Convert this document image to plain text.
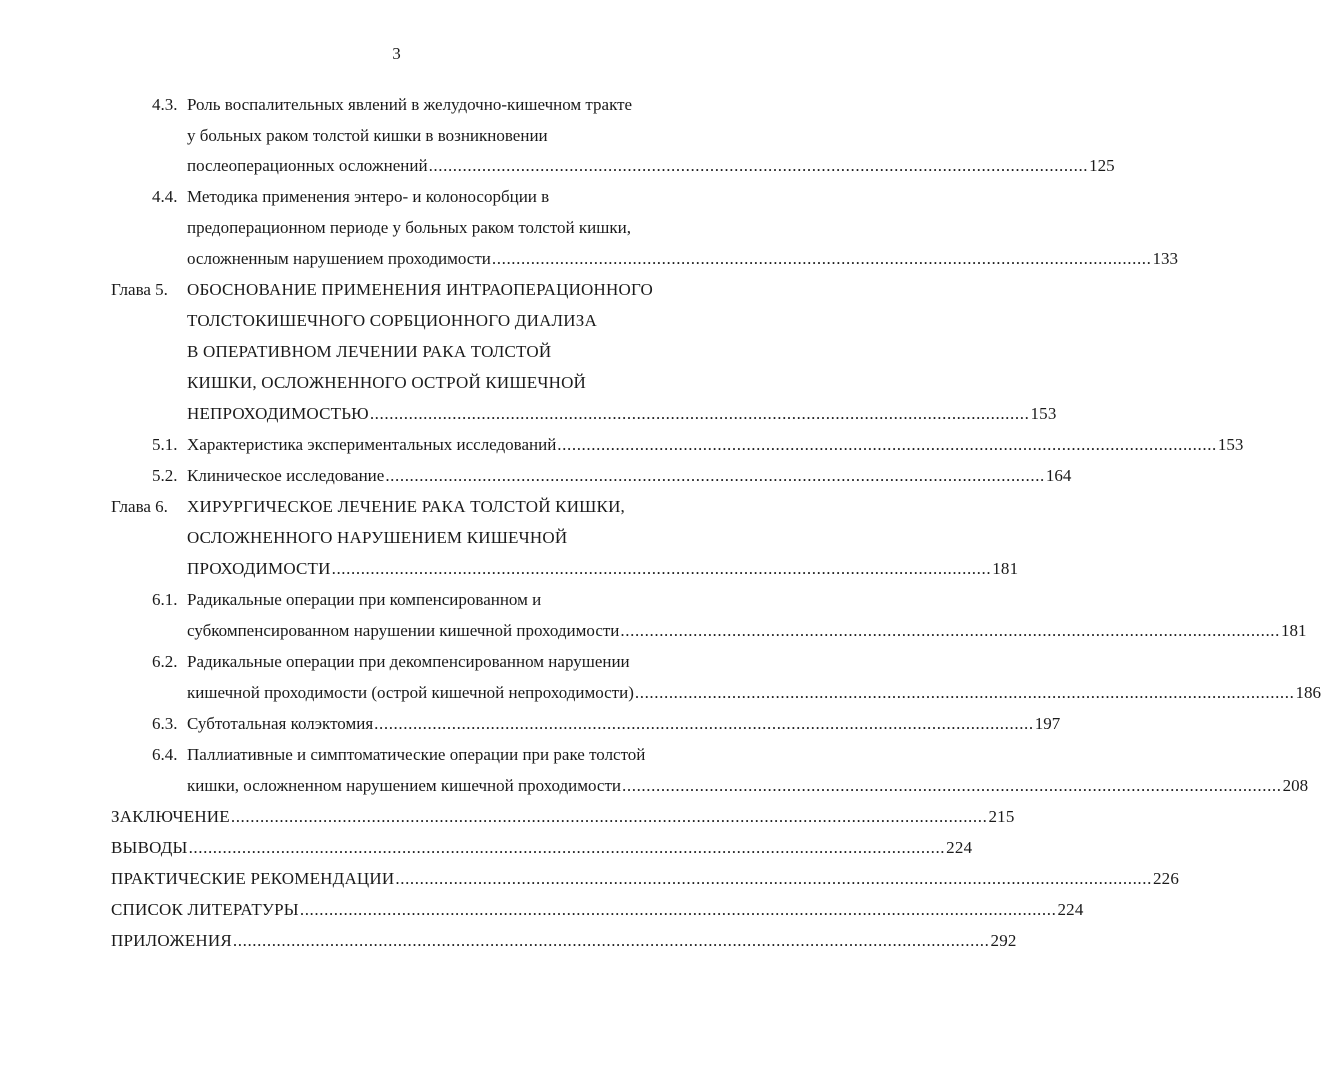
3
4.3. Роль воспалительных явлений в желудочно-кишечном тракте
у больных раком толстой кишки в возникновении
послеоперационных осложнений ........................................................................................................................................ 125
4.4. Методика применения энтеро- и колоносорбции в
предоперационном периоде у больных раком толстой кишки,
осложненным нарушением проходимости ........................................................................................................................................ 133
Глава 5. ОБОСНОВАНИЕ ПРИМЕНЕНИЯ ИНТРАОПЕРАЦИОННОГО
ТОЛСТОКИШЕЧНОГО СОРБЦИОННОГО ДИАЛИЗА
В ОПЕРАТИВНОМ ЛЕЧЕНИИ РАКА ТОЛСТОЙ
КИШКИ, ОСЛОЖНЕННОГО ОСТРОЙ КИШЕЧНОЙ
НЕПРОХОДИМОСТЬЮ ........................................................................................................................................ 153
5.1. Характеристика экспериментальных исследований ........................................................................................................................................ 153
5.2. Клиническое исследование ........................................................................................................................................ 164
Глава 6. ХИРУРГИЧЕСКОЕ ЛЕЧЕНИЕ РАКА ТОЛСТОЙ КИШКИ,
ОСЛОЖНЕННОГО НАРУШЕНИЕМ КИШЕЧНОЙ
ПРОХОДИМОСТИ ........................................................................................................................................ 181
6.1. Радикальные операции при компенсированном и
субкомпенсированном нарушении кишечной проходимости ........................................................................................................................................ 181
6.2. Радикальные операции при декомпенсированном нарушении
кишечной проходимости (острой кишечной непроходимости) ........................................................................................................................................ 186
6.3. Субтотальная колэктомия ........................................................................................................................................ 197
6.4. Паллиативные и симптоматические операции при раке толстой
кишки, осложненном нарушением кишечной проходимости ........................................................................................................................................ 208
ЗАКЛЮЧЕНИЕ ............................................................................................................................................................ 215
ВЫВОДЫ ............................................................................................................................................................ 224
ПРАКТИЧЕСКИЕ РЕКОМЕНДАЦИИ ............................................................................................................................................................ 226
СПИСОК ЛИТЕРАТУРЫ ............................................................................................................................................................ 224
ПРИЛОЖЕНИЯ ............................................................................................................................................................ 292
